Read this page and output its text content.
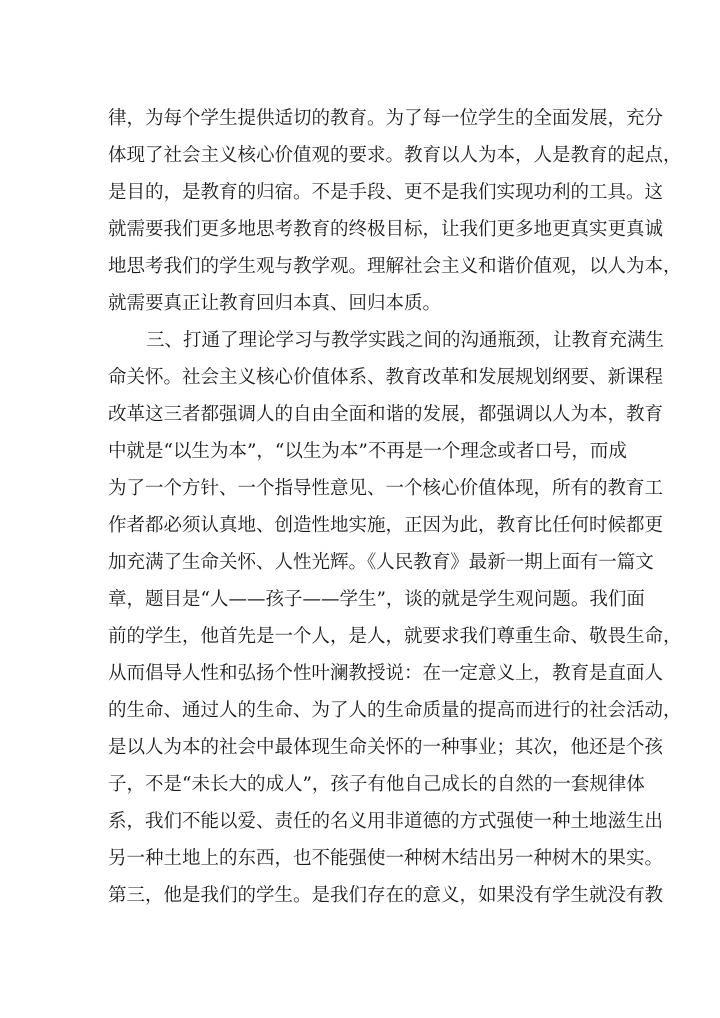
律，为每个学生提供适切的教育。为了每一位学生的全面发展，充分
体现了社会主义核心价值观的要求。教育以人为本，人是教育的起点，
是目的，是教育的归宿。不是手段、更不是我们实现功利的工具。这
就需要我们更多地思考教育的终极目标，让我们更多地更真实更真诚
地思考我们的学生观与教学观。理解社会主义和谐价值观，以人为本，
就需要真正让教育回归本真、回归本质。
三、打通了理论学习与教学实践之间的沟通瓶颈，让教育充满生
命关怀。社会主义核心价值体系、教育改革和发展规划纲要、新课程
改革这三者都强调人的自由全面和谐的发展，都强调以人为本，教育
中就是“以生为本”，“以生为本”不再是一个理念或者口号，而成
为了一个方针、一个指导性意见、一个核心价值体现，所有的教育工
作者都必须认真地、创造性地实施，正因为此，教育比任何时候都更
加充满了生命关怀、人性光辉。《人民教育》最新一期上面有一篇文
章，题目是“人——孩子——学生”，谈的就是学生观问题。我们面
前的学生，他首先是一个人，是人，就要求我们尊重生命、敬畏生命，
从而倡导人性和弘扬个性叶澜教授说：在一定意义上，教育是直面人
的生命、通过人的生命、为了人的生命质量的提高而进行的社会活动，
是以人为本的社会中最体现生命关怀的一种事业；其次，他还是个孩
子，不是“未长大的成人”，孩子有他自己成长的自然的一套规律体
系，我们不能以爱、责任的名义用非道德的方式强使一种土地滋生出
另一种土地上的东西，也不能强使一种树木结出另一种树木的果实。
第三，他是我们的学生。是我们存在的意义，如果没有学生就没有教
